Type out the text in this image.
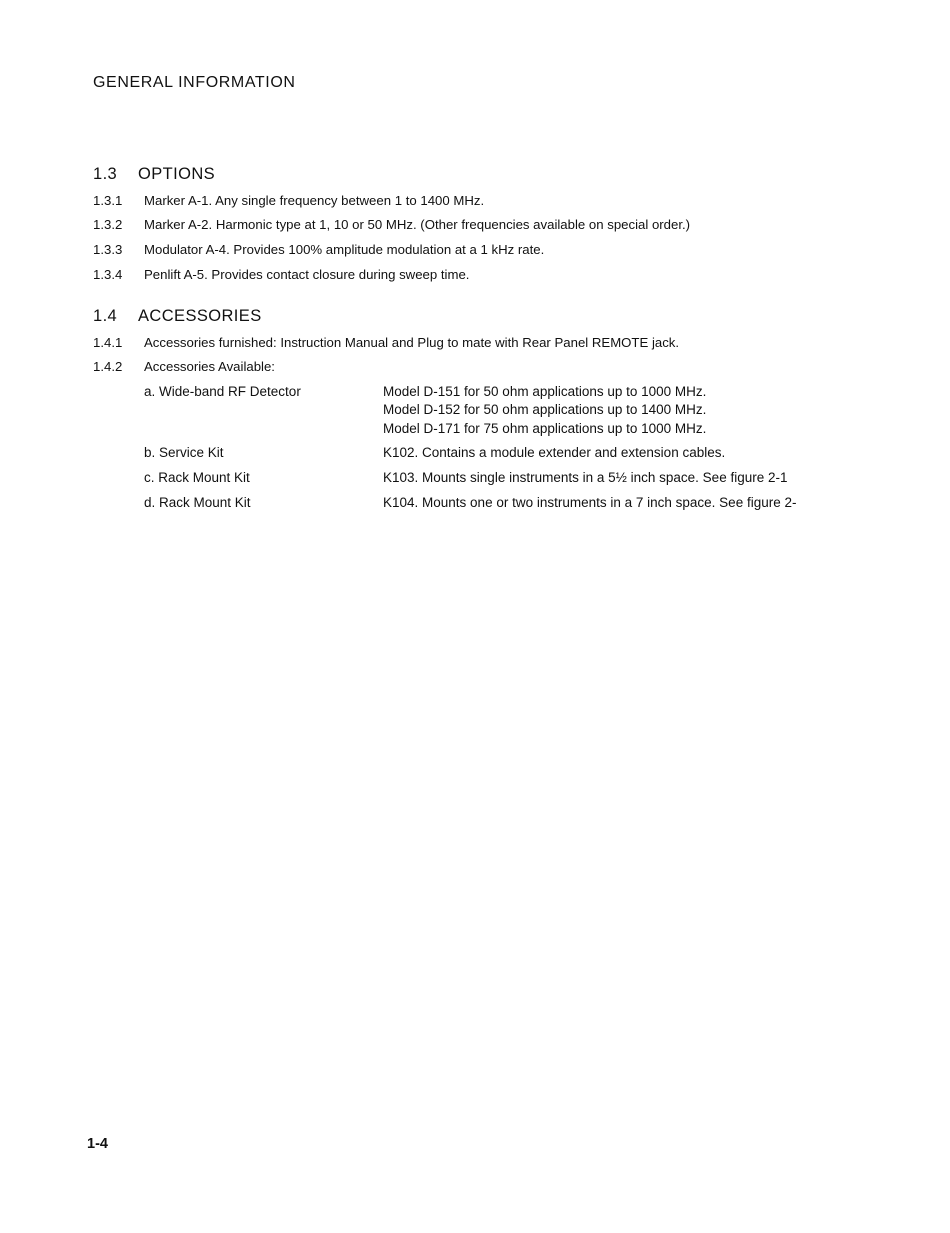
GENERAL INFORMATION
1.3 OPTIONS
1.3.1	Marker A-1. Any single frequency between 1 to 1400 MHz.
1.3.2	Marker A-2. Harmonic type at 1, 10 or 50 MHz. (Other frequencies available on special order.)
1.3.3	Modulator A-4. Provides 100% amplitude modulation at a 1 kHz rate.
1.3.4	Penlift A-5. Provides contact closure during sweep time.
1.4 ACCESSORIES
1.4.1	Accessories furnished: Instruction Manual and Plug to mate with Rear Panel REMOTE jack.
1.4.2	Accessories Available:
a. Wide-band RF Detector	Model D-151 for 50 ohm applications up to 1000 MHz.
Model D-152 for 50 ohm applications up to 1400 MHz.
Model D-171 for 75 ohm applications up to 1000 MHz.
b. Service Kit	K102. Contains a module extender and extension cables.
c. Rack Mount Kit	K103. Mounts single instruments in a 5½ inch space. See figure 2-1
d. Rack Mount Kit	K104. Mounts one or two instruments in a 7 inch space. See figure 2-
1-4
